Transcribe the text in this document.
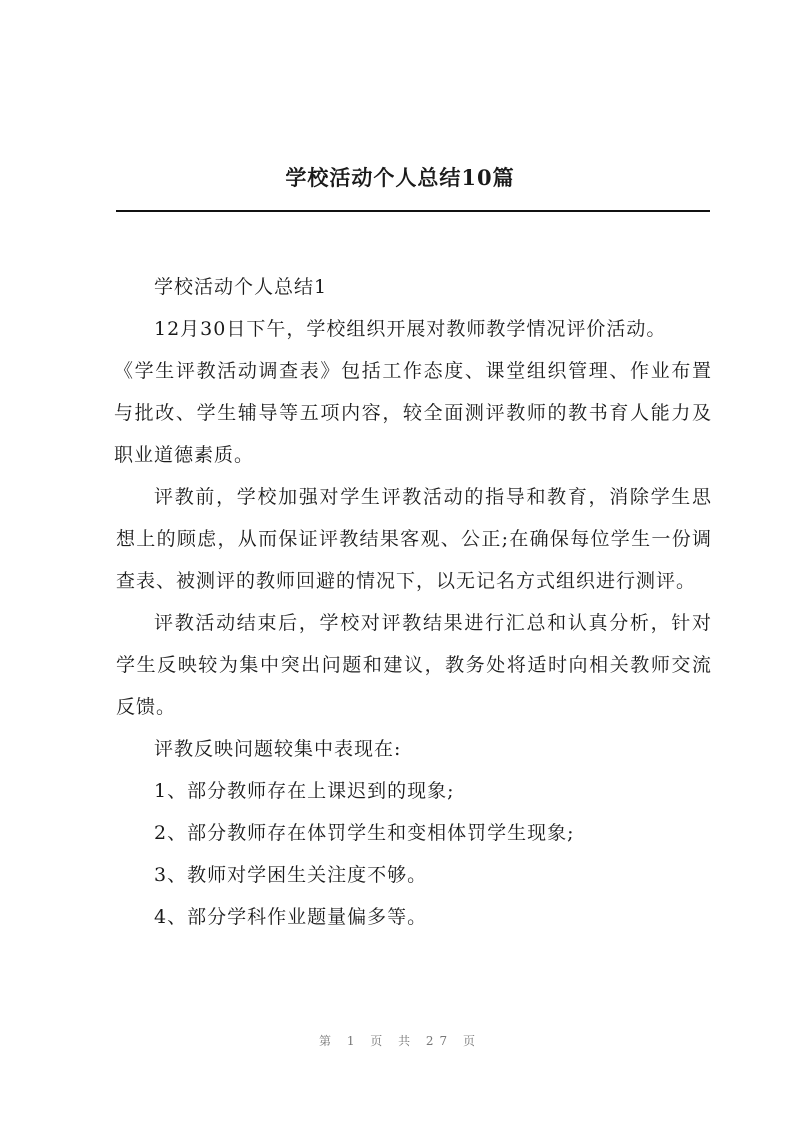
学校活动个人总结10篇

学校活动个人总结1

12月30日下午，学校组织开展对教师教学情况评价活动。

《学生评教活动调查表》包括工作态度、课堂组织管理、作业布置与批改、学生辅导等五项内容，较全面测评教师的教书育人能力及职业道德素质。

评教前，学校加强对学生评教活动的指导和教育，消除学生思想上的顾虑，从而保证评教结果客观、公正;在确保每位学生一份调查表、被测评的教师回避的情况下，以无记名方式组织进行测评。

评教活动结束后，学校对评教结果进行汇总和认真分析，针对学生反映较为集中突出问题和建议，教务处将适时向相关教师交流反馈。

评教反映问题较集中表现在:

1、部分教师存在上课迟到的现象;

2、部分教师存在体罚学生和变相体罚学生现象;

3、教师对学困生关注度不够。

4、部分学科作业题量偏多等。

第 1 页 共 27 页
